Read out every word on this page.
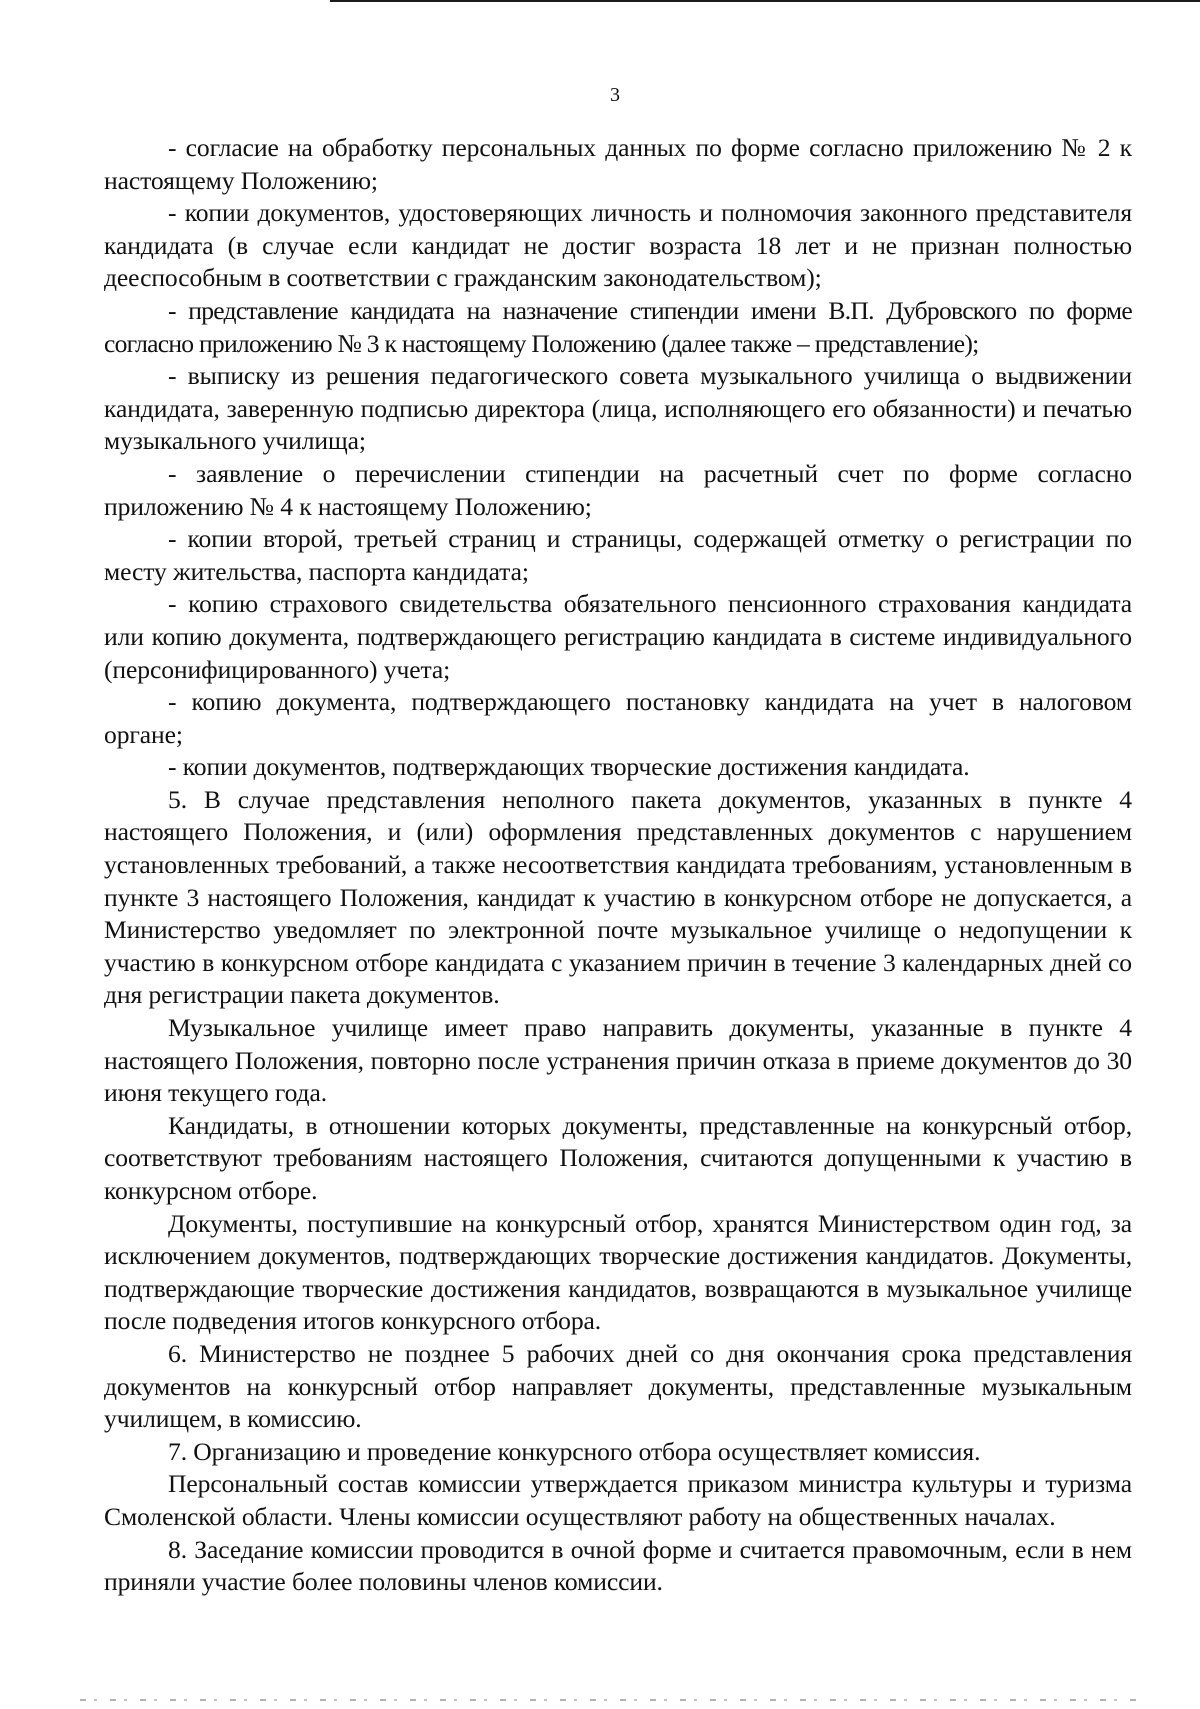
3

- согласие на обработку персональных данных по форме согласно приложению № 2 к настоящему Положению;

- копии документов, удостоверяющих личность и полномочия законного представителя кандидата (в случае если кандидат не достиг возраста 18 лет и не признан полностью дееспособным в соответствии с гражданским законодательством);

- представление кандидата на назначение стипендии имени В.П. Дубровского по форме согласно приложению № 3 к настоящему Положению (далее также – представление);

- выписку из решения педагогического совета музыкального училища о выдвижении кандидата, заверенную подписью директора (лица, исполняющего его обязанности) и печатью музыкального училища;

- заявление о перечислении стипендии на расчетный счет по форме согласно приложению № 4 к настоящему Положению;

- копии второй, третьей страниц и страницы, содержащей отметку о регистрации по месту жительства, паспорта кандидата;

- копию страхового свидетельства обязательного пенсионного страхования кандидата или копию документа, подтверждающего регистрацию кандидата в системе индивидуального (персонифицированного) учета;

- копию документа, подтверждающего постановку кандидата на учет в налоговом органе;

- копии документов, подтверждающих творческие достижения кандидата.

5. В случае представления неполного пакета документов, указанных в пункте 4 настоящего Положения, и (или) оформления представленных документов с нарушением установленных требований, а также несоответствия кандидата требованиям, установленным в пункте 3 настоящего Положения, кандидат к участию в конкурсном отборе не допускается, а Министерство уведомляет по электронной почте музыкальное училище о недопущении к участию в конкурсном отборе кандидата с указанием причин в течение 3 календарных дней со дня регистрации пакета документов.

Музыкальное училище имеет право направить документы, указанные в пункте 4 настоящего Положения, повторно после устранения причин отказа в приеме документов до 30 июня текущего года.

Кандидаты, в отношении которых документы, представленные на конкурсный отбор, соответствуют требованиям настоящего Положения, считаются допущенными к участию в конкурсном отборе.

Документы, поступившие на конкурсный отбор, хранятся Министерством один год, за исключением документов, подтверждающих творческие достижения кандидатов. Документы, подтверждающие творческие достижения кандидатов, возвращаются в музыкальное училище после подведения итогов конкурсного отбора.

6. Министерство не позднее 5 рабочих дней со дня окончания срока представления документов на конкурсный отбор направляет документы, представленные музыкальным училищем, в комиссию.

7. Организацию и проведение конкурсного отбора осуществляет комиссия.

Персональный состав комиссии утверждается приказом министра культуры и туризма Смоленской области. Члены комиссии осуществляют работу на общественных началах.

8. Заседание комиссии проводится в очной форме и считается правомочным, если в нем приняли участие более половины членов комиссии.
